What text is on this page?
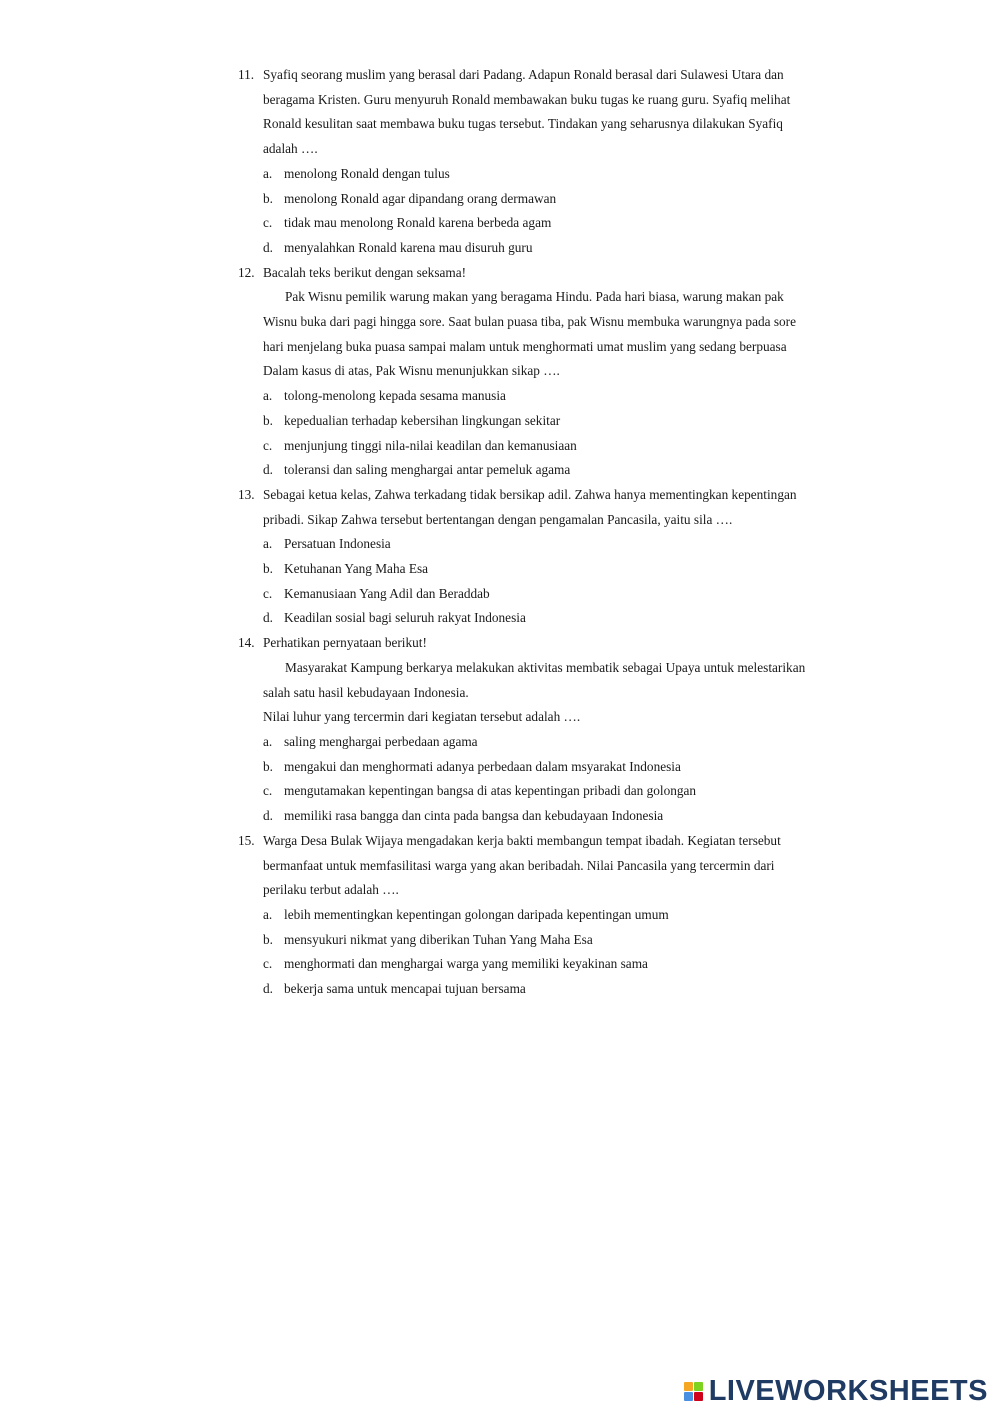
11. Syafiq seorang muslim yang berasal dari Padang. Adapun Ronald berasal dari Sulawesi Utara dan beragama Kristen. Guru menyuruh Ronald membawakan buku tugas ke ruang guru. Syafiq melihat Ronald kesulitan saat membawa buku tugas tersebut. Tindakan yang seharusnya dilakukan Syafiq adalah ….
a. menolong Ronald dengan tulus
b. menolong Ronald agar dipandang orang dermawan
c. tidak mau menolong Ronald karena berbeda agam
d. menyalahkan Ronald karena mau disuruh guru
12. Bacalah teks berikut dengan seksama!
Pak Wisnu pemilik warung makan yang beragama Hindu. Pada hari biasa, warung makan pak Wisnu buka dari pagi hingga sore. Saat bulan puasa tiba, pak Wisnu membuka warungnya pada sore hari menjelang buka puasa sampai malam untuk menghormati umat muslim yang sedang berpuasa
Dalam kasus di atas, Pak Wisnu menunjukkan sikap ….
a. tolong-menolong kepada sesama manusia
b. kepedualian terhadap kebersihan lingkungan sekitar
c. menjunjung tinggi nila-nilai keadilan dan kemanusiaan
d. toleransi dan saling menghargai antar pemeluk agama
13. Sebagai ketua kelas, Zahwa terkadang tidak bersikap adil. Zahwa hanya mementingkan kepentingan pribadi. Sikap Zahwa tersebut bertentangan dengan pengamalan Pancasila, yaitu sila ….
a. Persatuan Indonesia
b. Ketuhanan Yang Maha Esa
c. Kemanusiaan Yang Adil dan Beraddab
d. Keadilan sosial bagi seluruh rakyat Indonesia
14. Perhatikan pernyataan berikut!
Masyarakat Kampung berkarya melakukan aktivitas membatik sebagai Upaya untuk melestarikan salah satu hasil kebudayaan Indonesia.
Nilai luhur yang tercermin dari kegiatan tersebut adalah ….
a. saling menghargai perbedaan agama
b. mengakui dan menghormati adanya perbedaan dalam msyarakat Indonesia
c. mengutamakan kepentingan bangsa di atas kepentingan pribadi dan golongan
d. memiliki rasa bangga dan cinta pada bangsa dan kebudayaan Indonesia
15. Warga Desa Bulak Wijaya mengadakan kerja bakti membangun tempat ibadah. Kegiatan tersebut bermanfaat untuk memfasilitasi warga yang akan beribadah. Nilai Pancasila yang tercermin dari perilaku terbut adalah ….
a. lebih mementingkan kepentingan golongan daripada kepentingan umum
b. mensyukuri nikmat yang diberikan Tuhan Yang Maha Esa
c. menghormati dan menghargai warga yang memiliki keyakinan sama
d. bekerja sama untuk mencapai tujuan bersama
LIVEWORKSHEETS
